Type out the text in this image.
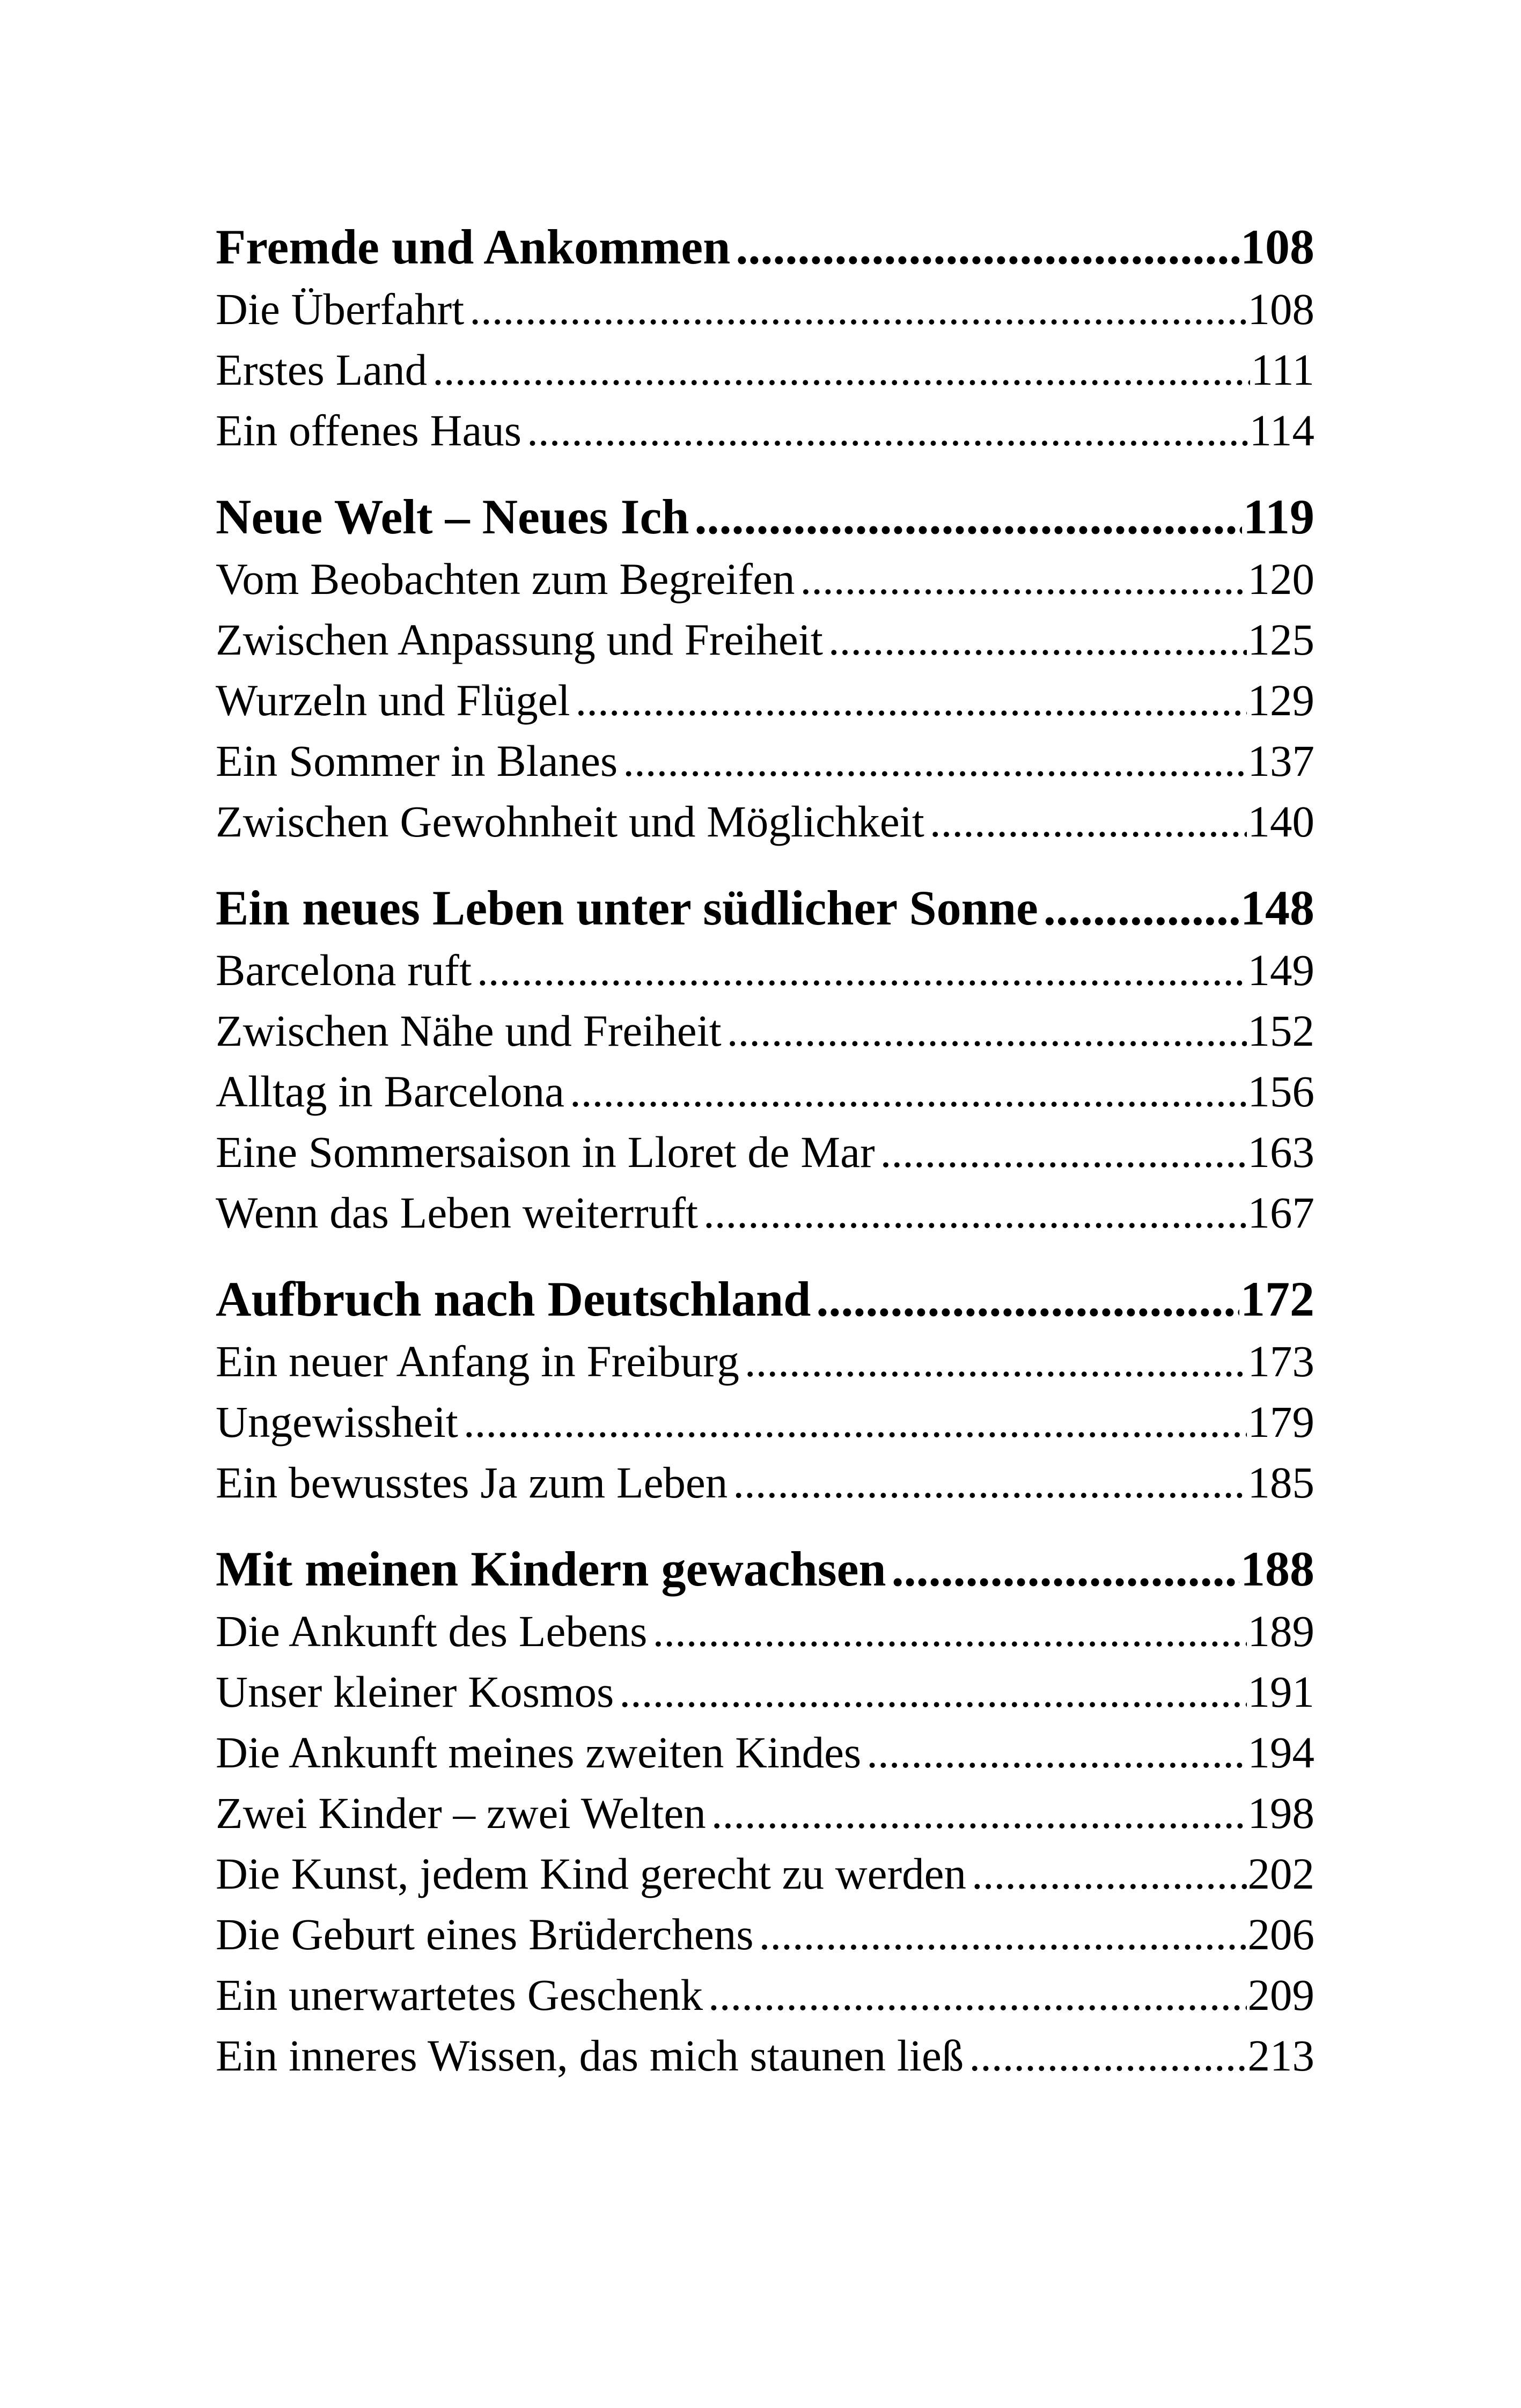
Fremde und Ankommen .....	108
Die Überfahrt .....	108
Erstes Land .....	111
Ein offenes Haus .....	114
Neue Welt – Neues Ich .....	119
Vom Beobachten zum Begreifen .....	120
Zwischen Anpassung und Freiheit .....	125
Wurzeln und Flügel .....	129
Ein Sommer in Blanes .....	137
Zwischen Gewohnheit und Möglichkeit .....	140
Ein neues Leben unter südlicher Sonne .....	148
Barcelona ruft .....	149
Zwischen Nähe und Freiheit .....	152
Alltag in Barcelona .....	156
Eine Sommersaison in Lloret de Mar .....	163
Wenn das Leben weiterruft .....	167
Aufbruch nach Deutschland .....	172
Ein neuer Anfang in Freiburg .....	173
Ungewissheit .....	179
Ein bewusstes Ja zum Leben .....	185
Mit meinen Kindern gewachsen .....	188
Die Ankunft des Lebens .....	189
Unser kleiner Kosmos .....	191
Die Ankunft meines zweiten Kindes .....	194
Zwei Kinder – zwei Welten .....	198
Die Kunst, jedem Kind gerecht zu werden .....	202
Die Geburt eines Brüderchens .....	206
Ein unerwartetes Geschenk .....	209
Ein inneres Wissen, das mich staunen ließ .....	213
